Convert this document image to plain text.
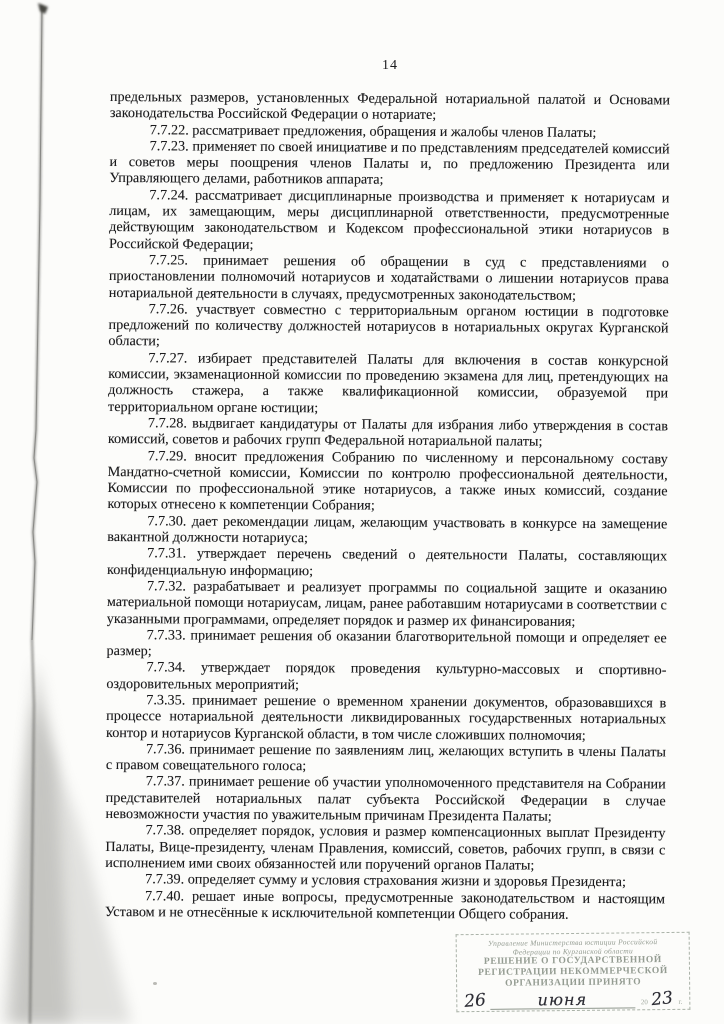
14

предельных размеров, установленных Федеральной нотариальной палатой и Основами законодательства Российской Федерации о нотариате;

7.7.22. рассматривает предложения, обращения и жалобы членов Палаты;

7.7.23. применяет по своей инициативе и по представлениям председателей комиссий и советов меры поощрения членов Палаты и, по предложению Президента или Управляющего делами, работников аппарата;

7.7.24. рассматривает дисциплинарные производства и применяет к нотариусам и лицам, их замещающим, меры дисциплинарной ответственности, предусмотренные действующим законодательством и Кодексом профессиональной этики нотариусов в Российской Федерации;

7.7.25. принимает решения об обращении в суд с представлениями о приостановлении полномочий нотариусов и ходатайствами о лишении нотариусов права нотариальной деятельности в случаях, предусмотренных законодательством;

7.7.26. участвует совместно с территориальным органом юстиции в подготовке предложений по количеству должностей нотариусов в нотариальных округах Курганской области;

7.7.27. избирает представителей Палаты для включения в состав конкурсной комиссии, экзаменационной комиссии по проведению экзамена для лиц, претендующих на должность стажера, а также квалификационной комиссии, образуемой при территориальном органе юстиции;

7.7.28. выдвигает кандидатуры от Палаты для избрания либо утверждения в состав комиссий, советов и рабочих групп Федеральной нотариальной палаты;

7.7.29. вносит предложения Собранию по численному и персональному составу Мандатно-счетной комиссии, Комиссии по контролю профессиональной деятельности, Комиссии по профессиональной этике нотариусов, а также иных комиссий, создание которых отнесено к компетенции Собрания;

7.7.30. дает рекомендации лицам, желающим участвовать в конкурсе на замещение вакантной должности нотариуса;

7.7.31. утверждает перечень сведений о деятельности Палаты, составляющих конфиденциальную информацию;

7.7.32. разрабатывает и реализует программы по социальной защите и оказанию материальной помощи нотариусам, лицам, ранее работавшим нотариусами в соответствии с указанными программами, определяет порядок и размер их финансирования;

7.7.33. принимает решения об оказании благотворительной помощи и определяет ее размер;

7.7.34. утверждает порядок проведения культурно-массовых и спортивно-оздоровительных мероприятий;

7.3.35. принимает решение о временном хранении документов, образовавшихся в процессе нотариальной деятельности ликвидированных государственных нотариальных контор и нотариусов Курганской области, в том числе сложивших полномочия;

7.7.36. принимает решение по заявлениям лиц, желающих вступить в члены Палаты с правом совещательного голоса;

7.7.37. принимает решение об участии уполномоченного представителя на Собрании представителей нотариальных палат субъекта Российской Федерации в случае невозможности участия по уважительным причинам Президента Палаты;

7.7.38. определяет порядок, условия и размер компенсационных выплат Президенту Палаты, Вице-президенту, членам Правления, комиссий, советов, рабочих групп, в связи с исполнением ими своих обязанностей или поручений органов Палаты;

7.7.39. определяет сумму и условия страхования жизни и здоровья Президента;

7.7.40. решает иные вопросы, предусмотренные законодательством и настоящим Уставом и не отнесённые к исключительной компетенции Общего собрания.

Управление Министерства юстиции Российской
Федерации по Курганской области
РЕШЕНИЕ О ГОСУДАРСТВЕННОЙ
РЕГИСТРАЦИИ НЕКОММЕРЧЕСКОЙ
ОРГАНИЗАЦИИ ПРИНЯТО
26	июня	20 23 г.
